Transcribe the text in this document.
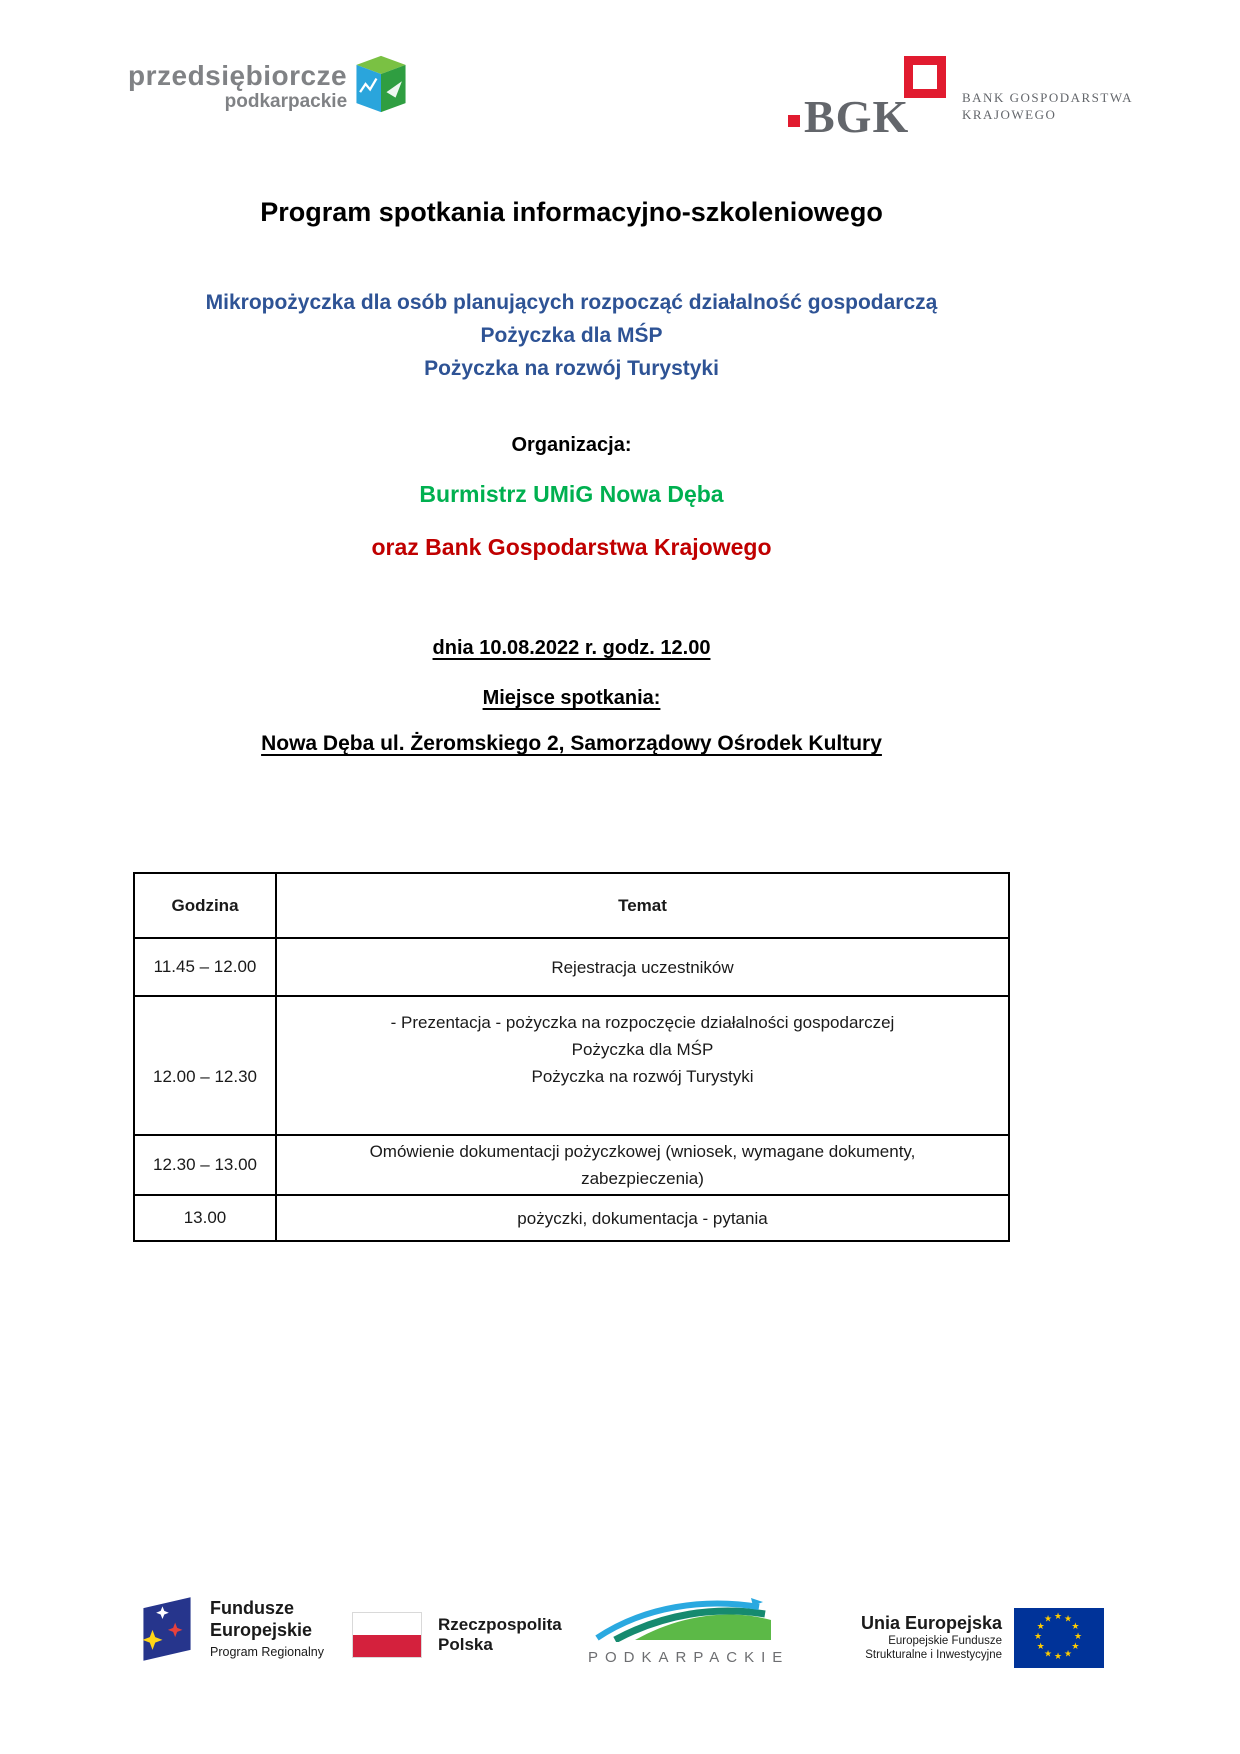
przedsiębiorcze
podkarpackie	BGK	BANK GOSPODARSTWA
KRAJOWEGO
Program spotkania informacyjno-szkoleniowego
Mikropożyczka dla osób planujących rozpocząć działalność gospodarczą
Pożyczka dla MŚP
Pożyczka na rozwój Turystyki
Organizacja:
Burmistrz UMiG Nowa Dęba
oraz Bank Gospodarstwa Krajowego
dnia 10.08.2022 r. godz. 12.00
Miejsce spotkania:
Nowa Dęba ul. Żeromskiego 2, Samorządowy Ośrodek Kultury
Godzina	Temat
11.45 – 12.00	Rejestracja uczestników

12.00 – 12.30	- Prezentacja - pożyczka na rozpoczęcie działalności gospodarczej
Pożyczka dla MŚP
Pożyczka na rozwój Turystyki

12.30 – 13.00	Omówienie dokumentacji pożyczkowej (wniosek, wymagane dokumenty,
zabezpieczenia)

13.00	pożyczki, dokumentacja - pytania
Fundusze
Europejskie
Program Regionalny
Rzeczpospolita
Polska
PODKARPACKIE
Unia Europejska
Europejskie Fundusze
Strukturalne i Inwestycyjne
★ ★
★
★
★
★
★
★
★
★
★
★
